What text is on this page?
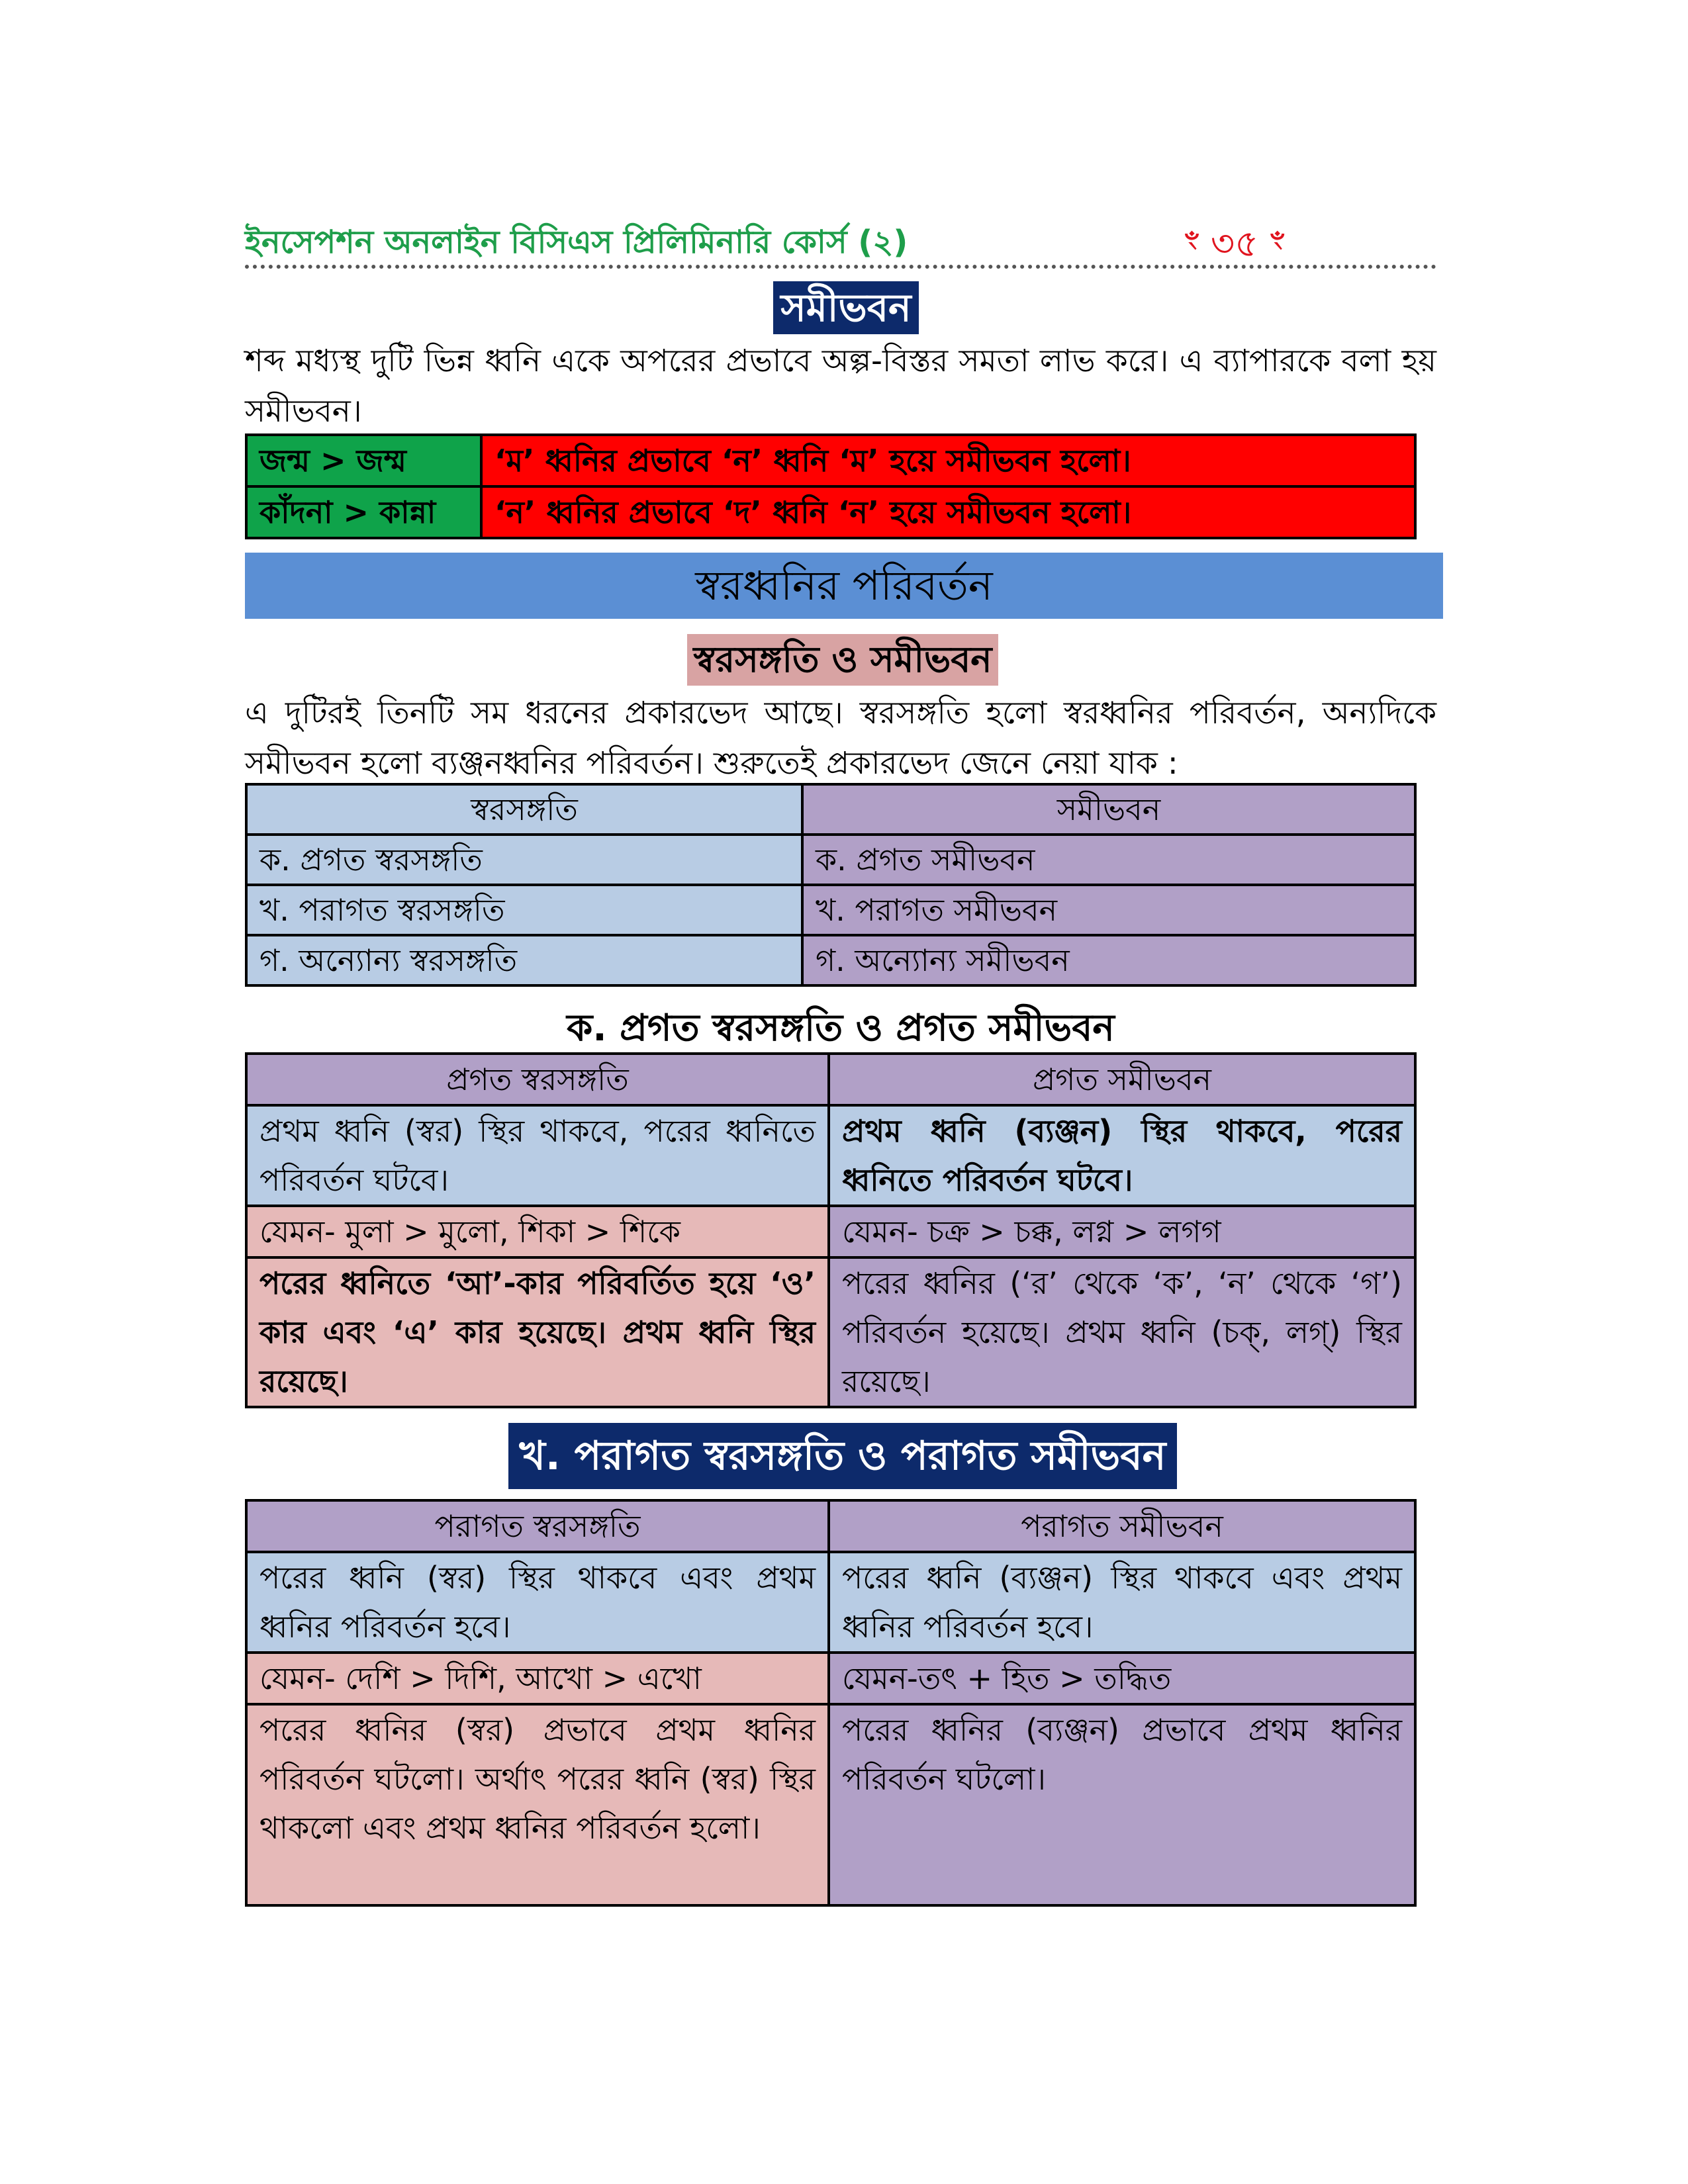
ইনসেপশন অনলাইন বিসিএস প্রিলিমিনারি কোর্স (২)	ꣳ ৩৫ ꣳ
সমীভবন
শব্দ মধ্যস্থ দুটি ভিন্ন ধ্বনি একে অপরের প্রভাবে অল্প-বিস্তর সমতা লাভ করে। এ ব্যাপারকে বলা হয় সমীভবন।
জন্ম > জম্ম	‘ম’ ধ্বনির প্রভাবে ‘ন’ ধ্বনি ‘ম’ হয়ে সমীভবন হলো।
কাঁদনা > কান্না	‘ন’ ধ্বনির প্রভাবে ‘দ’ ধ্বনি ‘ন’ হয়ে সমীভবন হলো।
স্বরধ্বনির পরিবর্তন
স্বরসঙ্গতি ও সমীভবন
এ দুটিরই তিনটি সম ধরনের প্রকারভেদ আছে। স্বরসঙ্গতি হলো স্বরধ্বনির পরিবর্তন, অন্যদিকে সমীভবন হলো ব্যঞ্জনধ্বনির পরিবর্তন। শুরুতেই প্রকারভেদ জেনে নেয়া যাক :
স্বরসঙ্গতি	সমীভবন
ক. প্রগত স্বরসঙ্গতি	ক. প্রগত সমীভবন
খ. পরাগত স্বরসঙ্গতি	খ. পরাগত সমীভবন
গ. অন্যোন্য স্বরসঙ্গতি	গ. অন্যোন্য সমীভবন
ক. প্রগত স্বরসঙ্গতি ও প্রগত সমীভবন
প্রগত স্বরসঙ্গতি	প্রগত সমীভবন
প্রথম ধ্বনি (স্বর) স্থির থাকবে, পরের ধ্বনিতে পরিবর্তন ঘটবে।	প্রথম ধ্বনি (ব্যঞ্জন) স্থির থাকবে, পরের ধ্বনিতে পরিবর্তন ঘটবে।
যেমন- মুলা > মুলো, শিকা > শিকে	যেমন- চক্র > চক্ক, লগ্ন > লগগ
পরের ধ্বনিতে ‘আ’-কার পরিবর্তিত হয়ে ‘ও’ কার এবং ‘এ’ কার হয়েছে। প্রথম ধ্বনি স্থির রয়েছে।	পরের ধ্বনির (‘র’ থেকে ‘ক’, ‘ন’ থেকে ‘গ’) পরিবর্তন হয়েছে। প্রথম ধ্বনি (চক্, লগ্) স্থির রয়েছে।
খ. পরাগত স্বরসঙ্গতি ও পরাগত সমীভবন
পরাগত স্বরসঙ্গতি	পরাগত সমীভবন
পরের ধ্বনি (স্বর) স্থির থাকবে এবং প্রথম ধ্বনির পরিবর্তন হবে।	পরের ধ্বনি (ব্যঞ্জন) স্থির থাকবে এবং প্রথম ধ্বনির পরিবর্তন হবে।
যেমন- দেশি > দিশি, আখো > এখো	যেমন-তৎ + হিত > তদ্ধিত
পরের ধ্বনির (স্বর) প্রভাবে প্রথম ধ্বনির পরিবর্তন ঘটলো। অর্থাৎ পরের ধ্বনি (স্বর) স্থির থাকলো এবং প্রথম ধ্বনির পরিবর্তন হলো।	পরের ধ্বনির (ব্যঞ্জন) প্রভাবে প্রথম ধ্বনির পরিবর্তন ঘটলো।
